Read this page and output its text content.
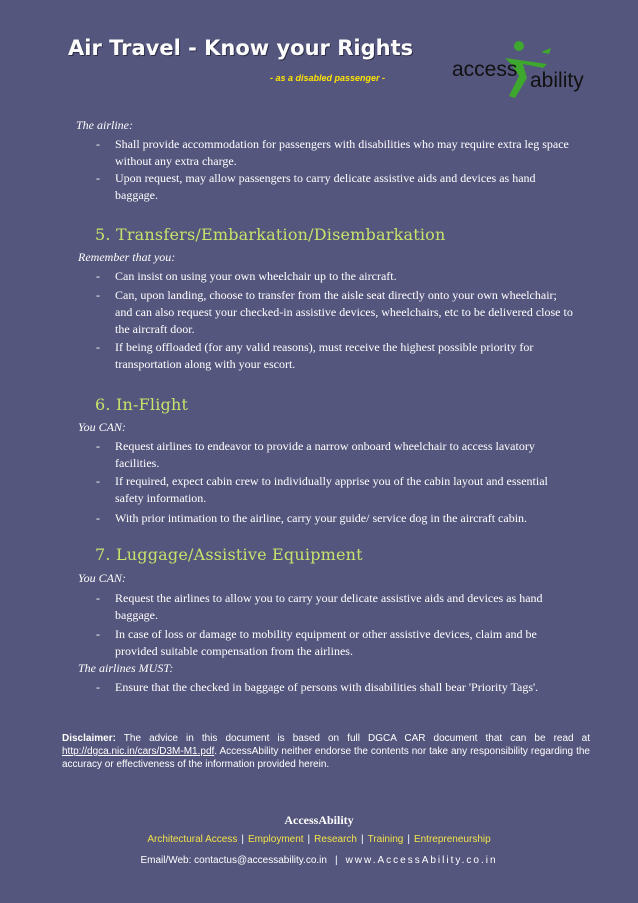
Air Travel - Know your Rights
- as a disabled passenger -	access ability
The airline:
- Shall provide accommodation for passengers with disabilities who may require extra leg space without any extra charge.
- Upon request, may allow passengers to carry delicate assistive aids and devices as hand baggage.
5. Transfers/Embarkation/Disembarkation
Remember that you:
- Can insist on using your own wheelchair up to the aircraft.
- Can, upon landing, choose to transfer from the aisle seat directly onto your own wheelchair; and can also request your checked-in assistive devices, wheelchairs, etc to be delivered close to the aircraft door.
- If being offloaded (for any valid reasons), must receive the highest possible priority for transportation along with your escort.
6. In-Flight
You CAN:
- Request airlines to endeavor to provide a narrow onboard wheelchair to access lavatory facilities.
- If required, expect cabin crew to individually apprise you of the cabin layout and essential safety information.
- With prior intimation to the airline, carry your guide/ service dog in the aircraft cabin.
7. Luggage/Assistive Equipment
You CAN:
- Request the airlines to allow you to carry your delicate assistive aids and devices as hand baggage.
- In case of loss or damage to mobility equipment or other assistive devices, claim and be provided suitable compensation from the airlines.
The airlines MUST:
- Ensure that the checked in baggage of persons with disabilities shall bear 'Priority Tags'.
Disclaimer: The advice in this document is based on full DGCA CAR document that can be read at http://dgca.nic.in/cars/D3M-M1.pdf. AccessAbility neither endorse the contents nor take any responsibility regarding the accuracy or effectiveness of the information provided herein.
AccessAbility
Architectural Access | Employment | Research | Training | Entrepreneurship
Email/Web: contactus@accessability.co.in | www.AccessAbility.co.in
